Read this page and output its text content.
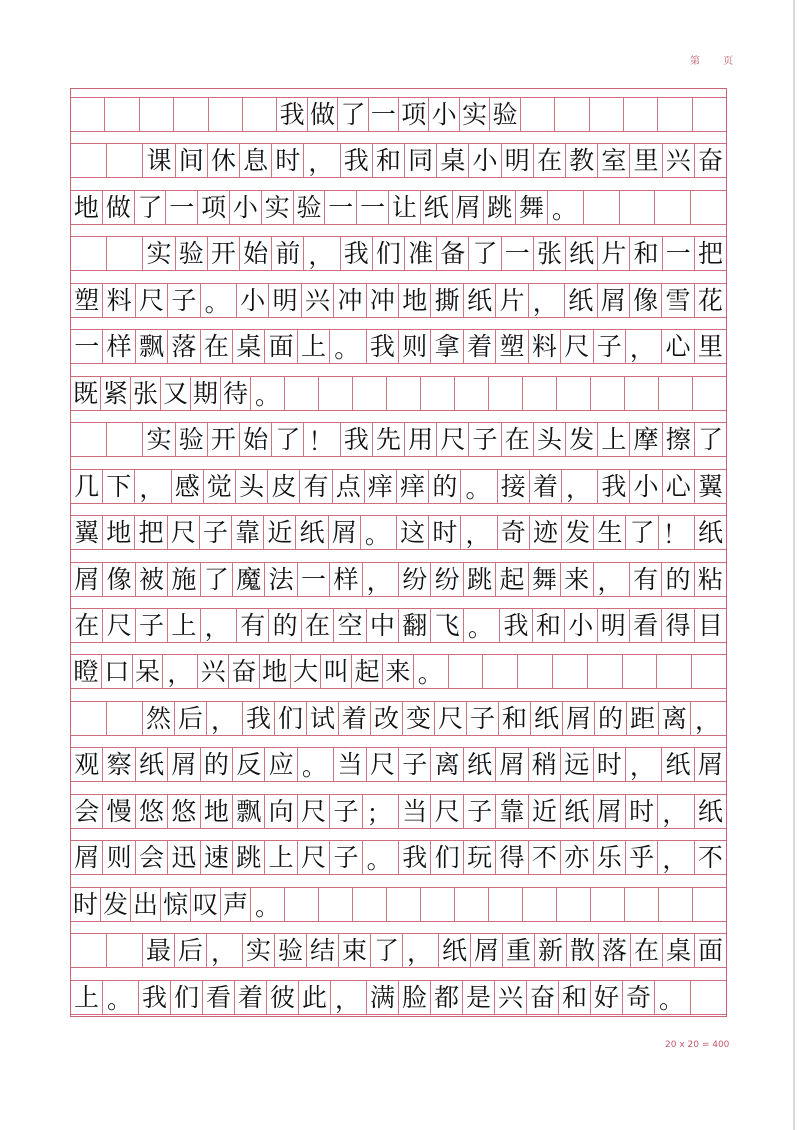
第 页
我 做 了 一 项 小 实 验
课 间 休 息 时 ， 我 和 同 桌 小 明 在 教 室 里 兴 奋
地 做 了 一 项 小 实 验 一 一 让 纸 屑 跳 舞 。
实 验 开 始 前 ， 我 们 准 备 了 一 张 纸 片 和 一 把
塑 料 尺 子 。 小 明 兴 冲 冲 地 撕 纸 片 ， 纸 屑 像 雪 花
一 样 飘 落 在 桌 面 上 。 我 则 拿 着 塑 料 尺 子 ， 心 里
既 紧 张 又 期 待 。
实 验 开 始 了 ！ 我 先 用 尺 子 在 头 发 上 摩 擦 了
几 下 ， 感 觉 头 皮 有 点 痒 痒 的 。 接 着 ， 我 小 心 翼
翼 地 把 尺 子 靠 近 纸 屑 。 这 时 ， 奇 迹 发 生 了 ！ 纸
屑 像 被 施 了 魔 法 一 样 ， 纷 纷 跳 起 舞 来 ， 有 的 粘
在 尺 子 上 ， 有 的 在 空 中 翻 飞 。 我 和 小 明 看 得 目
瞪 口 呆 ， 兴 奋 地 大 叫 起 来 。
然 后 ， 我 们 试 着 改 变 尺 子 和 纸 屑 的 距 离 ，
观 察 纸 屑 的 反 应 。 当 尺 子 离 纸 屑 稍 远 时 ， 纸 屑
会 慢 悠 悠 地 飘 向 尺 子 ； 当 尺 子 靠 近 纸 屑 时 ， 纸
屑 则 会 迅 速 跳 上 尺 子 。 我 们 玩 得 不 亦 乐 乎 ， 不
时 发 出 惊 叹 声 。
最 后 ， 实 验 结 束 了 ， 纸 屑 重 新 散 落 在 桌 面
上 。 我 们 看 着 彼 此 ， 满 脸 都 是 兴 奋 和 好 奇 。
20 x 20 = 400
